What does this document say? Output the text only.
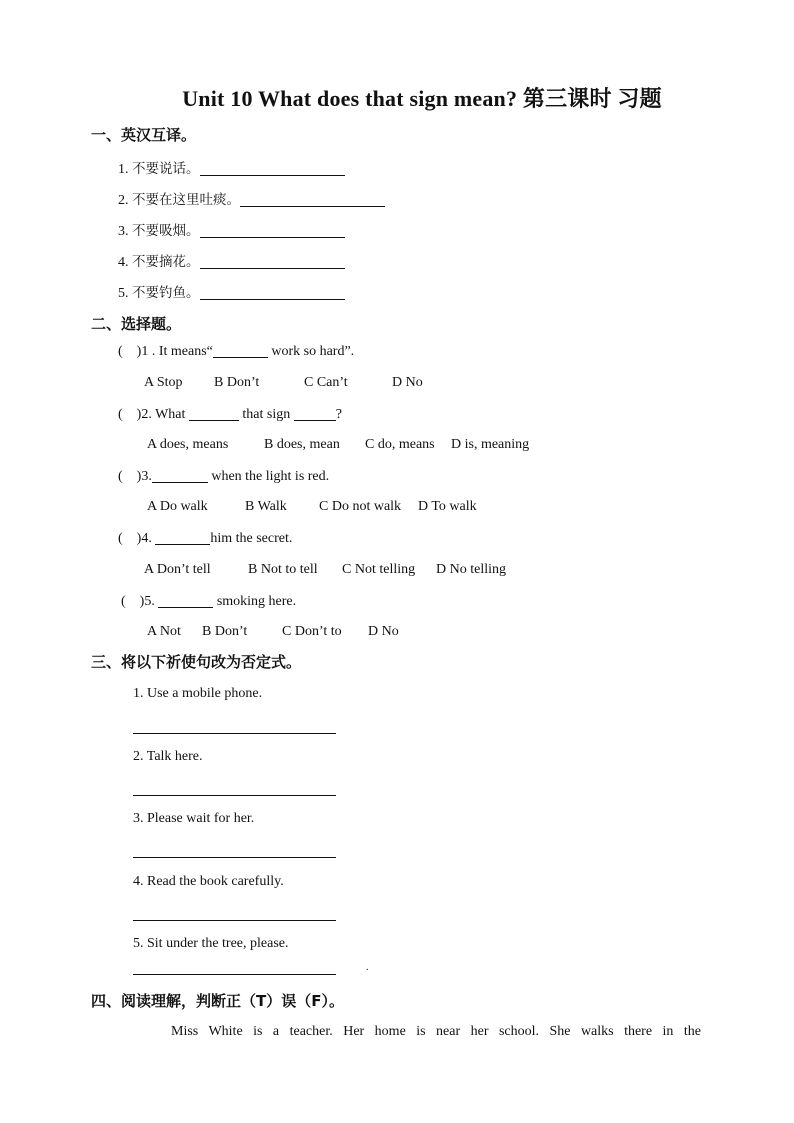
Unit 10 What does that sign mean? 第三课时 习题
一、英汉互译。
1. 不要说话。
2. 不要在这里吐痰。
3. 不要吸烟。
4. 不要摘花。
5. 不要钓鱼。
二、选择题。
(    )1 . It means“	work so hard”.
A Stop B Don’t	C Can’t	D No
(    )2. What	that sign	?
A does, means	B does, mean C do, means D is, meaning
(    )3.	when the light is red.
A Do walk	B Walk C Do not walk D To walk
(    )4.	him the secret.
A Don’t tell	B Not to tell C Not telling D No telling
(    )5.	smoking here.
A Not B Don’t C Don’t to D No
三、将以下祈使句改为否定式。
1. Use a mobile phone.
2. Talk here.
3. Please wait for her.
4. Read the book carefully.
5. Sit under the tree, please.
.
四、阅读理解，判断正（T）误（F）。
Miss White is a teacher. Her home is near her school. She walks there in the
